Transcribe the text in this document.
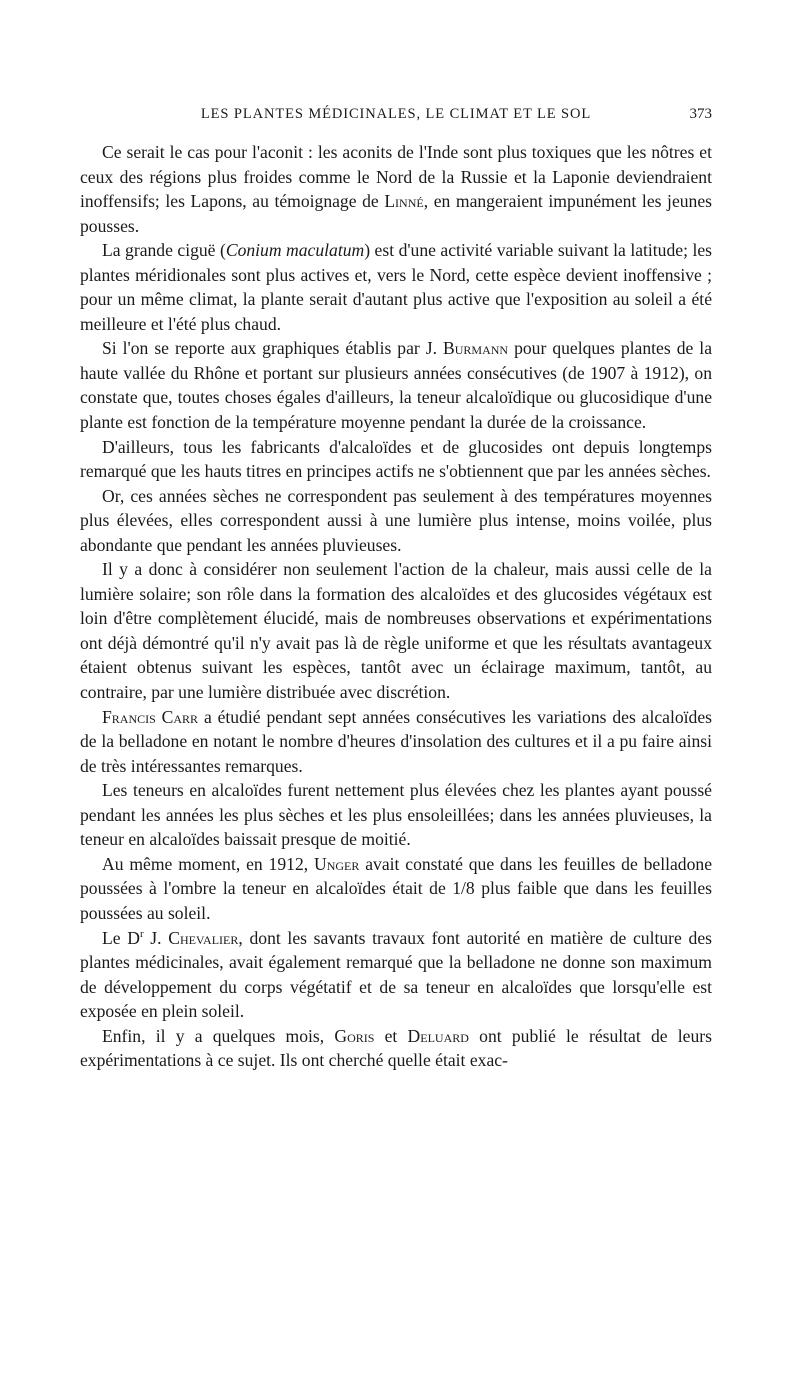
LES PLANTES MÉDICINALES, LE CLIMAT ET LE SOL	373

Ce serait le cas pour l'aconit : les aconits de l'Inde sont plus toxiques que les nôtres et ceux des régions plus froides comme le Nord de la Russie et la Laponie deviendraient inoffensifs; les Lapons, au témoignage de Linné, en mangeraient impunément les jeunes pousses.

La grande ciguë (Conium maculatum) est d'une activité variable suivant la latitude; les plantes méridionales sont plus actives et, vers le Nord, cette espèce devient inoffensive ; pour un même climat, la plante serait d'autant plus active que l'exposition au soleil a été meilleure et l'été plus chaud.

Si l'on se reporte aux graphiques établis par J. Burmann pour quelques plantes de la haute vallée du Rhône et portant sur plusieurs années consécutives (de 1907 à 1912), on constate que, toutes choses égales d'ailleurs, la teneur alcaloïdique ou glucosidique d'une plante est fonction de la température moyenne pendant la durée de la croissance.

D'ailleurs, tous les fabricants d'alcaloïdes et de glucosides ont depuis longtemps remarqué que les hauts titres en principes actifs ne s'obtiennent que par les années sèches.

Or, ces années sèches ne correspondent pas seulement à des températures moyennes plus élevées, elles correspondent aussi à une lumière plus intense, moins voilée, plus abondante que pendant les années pluvieuses.

Il y a donc à considérer non seulement l'action de la chaleur, mais aussi celle de la lumière solaire; son rôle dans la formation des alcaloïdes et des glucosides végétaux est loin d'être complètement élucidé, mais de nombreuses observations et expérimentations ont déjà démontré qu'il n'y avait pas là de règle uniforme et que les résultats avantageux étaient obtenus suivant les espèces, tantôt avec un éclairage maximum, tantôt, au contraire, par une lumière distribuée avec discrétion.

Francis Carr a étudié pendant sept années consécutives les variations des alcaloïdes de la belladone en notant le nombre d'heures d'insolation des cultures et il a pu faire ainsi de très intéressantes remarques.

Les teneurs en alcaloïdes furent nettement plus élevées chez les plantes ayant poussé pendant les années les plus sèches et les plus ensoleillées; dans les années pluvieuses, la teneur en alcaloïdes baissait presque de moitié.

Au même moment, en 1912, Unger avait constaté que dans les feuilles de belladone poussées à l'ombre la teneur en alcaloïdes était de 1/8 plus faible que dans les feuilles poussées au soleil.

Le $D^r$ J. Chevalier, dont les savants travaux font autorité en matière de culture des plantes médicinales, avait également remarqué que la belladone ne donne son maximum de développement du corps végétatif et de sa teneur en alcaloïdes que lorsqu'elle est exposée en plein soleil.

Enfin, il y a quelques mois, Goris et Deluard ont publié le résultat de leurs expérimentations à ce sujet. Ils ont cherché quelle était exac-
